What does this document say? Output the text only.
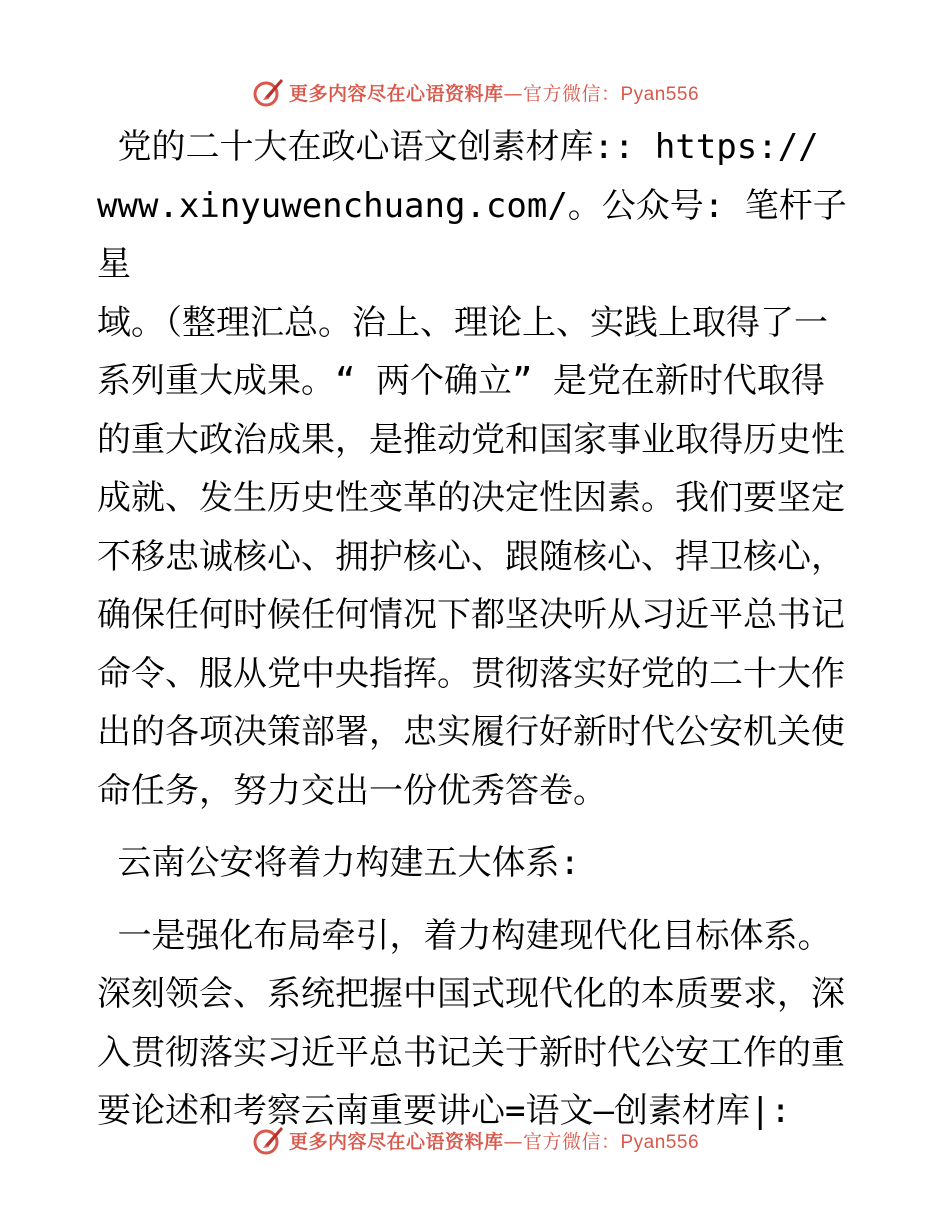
更多内容尽在心语资料库—官方微信：Pyan556

党的二十大在政心语文创素材库:: https://

www.xinyuwenchuang.com/。公众号: 笔杆子星

域。（整理汇总。治上、理论上、实践上取得了一

系列重大成果。“ 两个确立” 是党在新时代取得

的重大政治成果，是推动党和国家事业取得历史性

成就、发生历史性变革的决定性因素。我们要坚定

不移忠诚核心、拥护核心、跟随核心、捍卫核心，

确保任何时候任何情况下都坚决听从习近平总书记

命令、服从党中央指挥。贯彻落实好党的二十大作

出的各项决策部署，忠实履行好新时代公安机关使

命任务，努力交出一份优秀答卷。

云南公安将着力构建五大体系:

一是强化布局牵引，着力构建现代化目标体系。

深刻领会、系统把握中国式现代化的本质要求，深

入贯彻落实习近平总书记关于新时代公安工作的重

要论述和考察云南重要讲心=语文—创素材库|:

更多内容尽在心语资料库—官方微信：Pyan556
